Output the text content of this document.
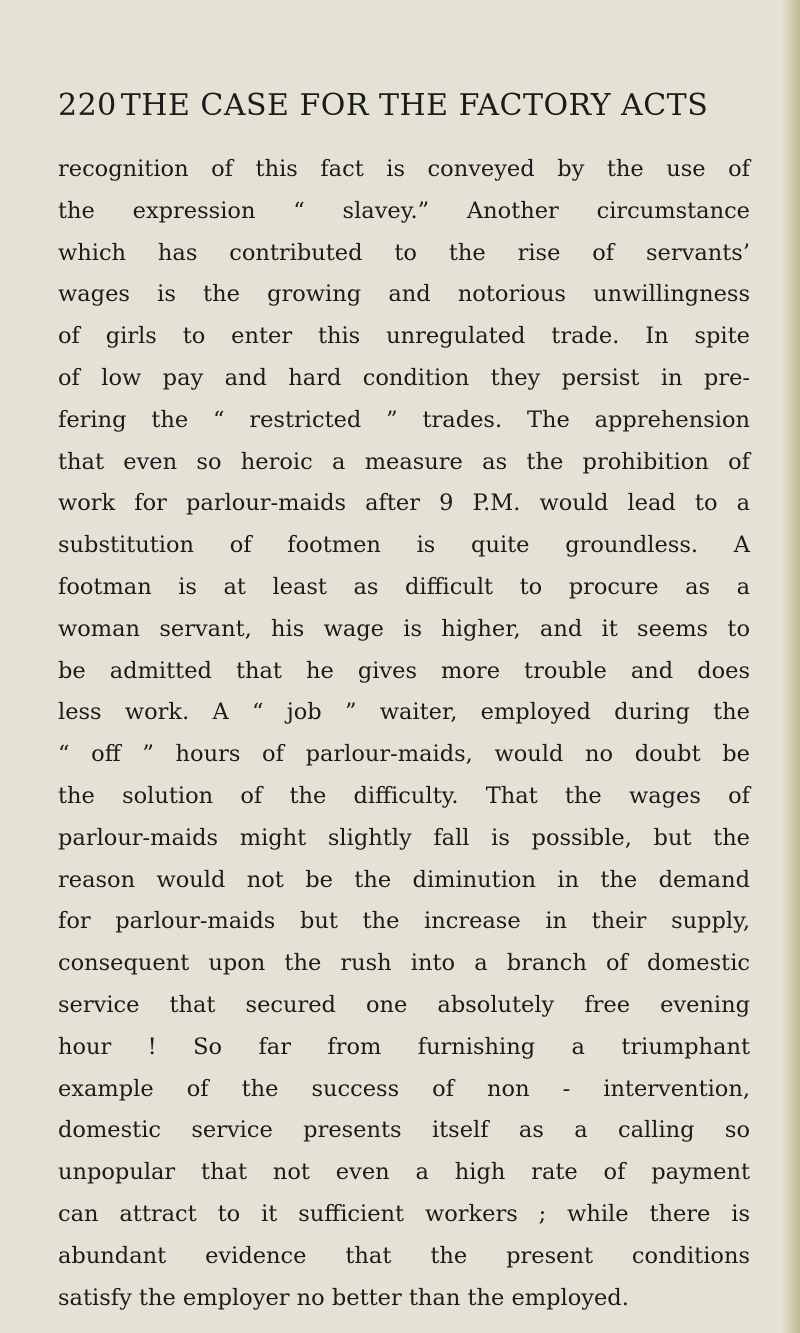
220 THE CASE FOR THE FACTORY ACTS
recognition of this fact is conveyed by the use of
the expression “ slavey.” Another circumstance
which has contributed to the rise of servants’
wages is the growing and notorious unwillingness
of girls to enter this unregulated trade. In spite
of low pay and hard condition they persist in pre-
fering the “ restricted ” trades. The apprehension
that even so heroic a measure as the prohibition of
work for parlour-maids after 9 P.M. would lead to a
substitution of footmen is quite groundless. A
footman is at least as difficult to procure as a
woman servant, his wage is higher, and it seems to
be admitted that he gives more trouble and does
less work. A “ job ” waiter, employed during the
“ off ” hours of parlour-maids, would no doubt be
the solution of the difficulty. That the wages of
parlour-maids might slightly fall is possible, but the
reason would not be the diminution in the demand
for parlour-maids but the increase in their supply,
consequent upon the rush into a branch of domestic
service that secured one absolutely free evening
hour ! So far from furnishing a triumphant
example of the success of non - intervention,
domestic service presents itself as a calling so
unpopular that not even a high rate of payment
can attract to it sufficient workers ; while there is
abundant evidence that the present conditions
satisfy the employer no better than the employed.
